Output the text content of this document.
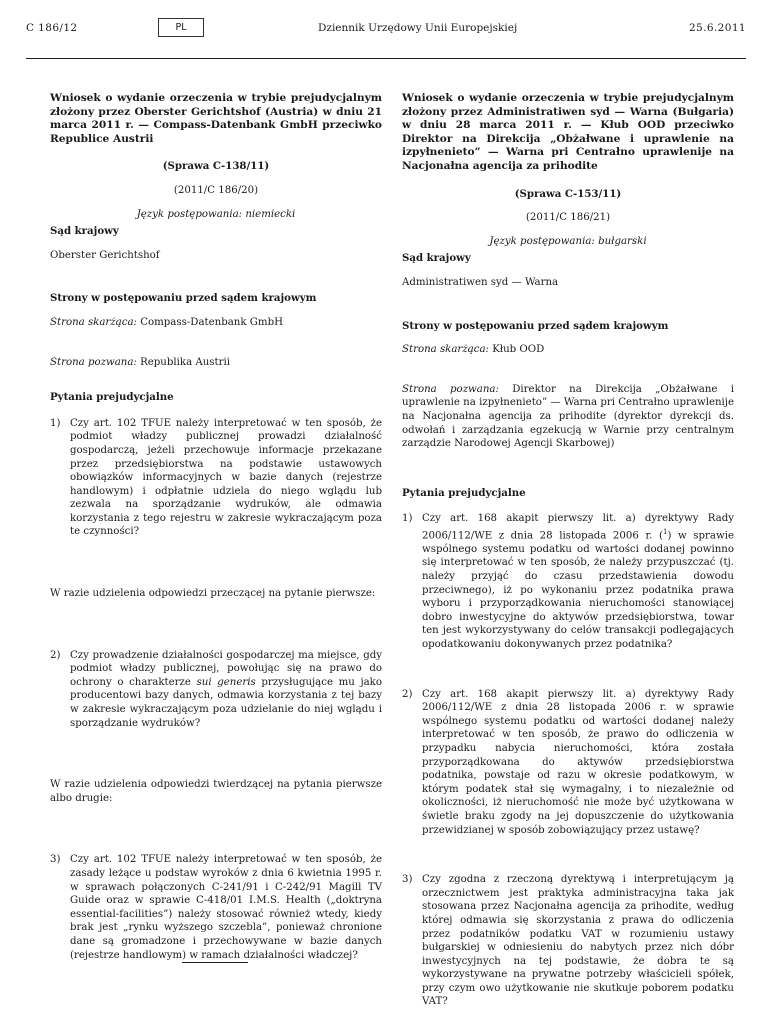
C 186/12	PL	Dziennik Urzędowy Unii Europejskiej	25.6.2011
Wniosek o wydanie orzeczenia w trybie prejudycjalnym złożony przez Oberster Gerichtshof (Austria) w dniu 21 marca 2011 r. — Compass-Datenbank GmbH przeciwko Republice Austrii
(Sprawa C-138/11)
(2011/C 186/20)
Język postępowania: niemiecki
Sąd krajowy
Oberster Gerichtshof
Strony w postępowaniu przed sądem krajowym
Strona skarżąca: Compass-Datenbank GmbH
Strona pozwana: Republika Austrii
Pytania prejudycjalne
1) Czy art. 102 TFUE należy interpretować w ten sposób, że podmiot władzy publicznej prowadzi działalność gospodarczą, jeżeli przechowuje informacje przekazane przez przedsiębiorstwa na podstawie ustawowych obowiązków informacyjnych w bazie danych (rejestrze handlowym) i odpłatnie udziela do niego wglądu lub zezwala na sporządzanie wydruków, ale odmawia korzystania z tego rejestru w zakresie wykraczającym poza te czynności?
W razie udzielenia odpowiedzi przeczącej na pytanie pierwsze:
2) Czy prowadzenie działalności gospodarczej ma miejsce, gdy podmiot władzy publicznej, powołując się na prawo do ochrony o charakterze sui generis przysługujące mu jako producentowi bazy danych, odmawia korzystania z tej bazy w zakresie wykraczającym poza udzielanie do niej wglądu i sporządzanie wydruków?
W razie udzielenia odpowiedzi twierdzącej na pytania pierwsze albo drugie:
3) Czy art. 102 TFUE należy interpretować w ten sposób, że zasady leżące u podstaw wyroków z dnia 6 kwietnia 1995 r. w sprawach połączonych C-241/91 i C-242/91 Magill TV Guide oraz w sprawie C-418/01 I.M.S. Health („doktryna essential-facilities”) należy stosować również wtedy, kiedy brak jest „rynku wyższego szczebla”, ponieważ chronione dane są gromadzone i przechowywane w bazie danych (rejestrze handlowym) w ramach działalności władczej?
Wniosek o wydanie orzeczenia w trybie prejudycjalnym złożony przez Administratiwen syd — Warna (Bułgaria) w dniu 28 marca 2011 r. — Kłub OOD przeciwko Direktor na Direkcija „Obżałwane i uprawlenie na izpyłnenieto” — Warna pri Centrałno uprawlenije na Nacjonałna agencija za prihodite
(Sprawa C-153/11)
(2011/C 186/21)
Język postępowania: bułgarski
Sąd krajowy
Administratiwen syd — Warna
Strony w postępowaniu przed sądem krajowym
Strona skarżąca: Kłub OOD
Strona pozwana: Direktor na Direkcija „Obżałwane i uprawlenie na izpyłnenieto” — Warna pri Centrałno uprawlenije na Nacjonałna agencija za prihodite (dyrektor dyrekcji ds. odwołań i zarządzania egzekucją w Warnie przy centralnym zarządzie Narodowej Agencji Skarbowej)
Pytania prejudycjalne
1) Czy art. 168 akapit pierwszy lit. a) dyrektywy Rady 2006/112/WE z dnia 28 listopada 2006 r. ($^1$) w sprawie wspólnego systemu podatku od wartości dodanej powinno się interpretować w ten sposób, że należy przypuszczać (tj. należy przyjąć do czasu przedstawienia dowodu przeciwnego), iż po wykonaniu przez podatnika prawa wyboru i przyporządkowania nieruchomości stanowiącej dobro inwestycyjne do aktywów przedsiębiorstwa, towar ten jest wykorzystywany do celów transakcji podlegających opodatkowaniu dokonywanych przez podatnika?
2) Czy art. 168 akapit pierwszy lit. a) dyrektywy Rady 2006/112/WE z dnia 28 listopada 2006 r. w sprawie wspólnego systemu podatku od wartości dodanej należy interpretować w ten sposób, że prawo do odliczenia w przypadku nabycia nieruchomości, która została przyporządkowana do aktywów przedsiębiorstwa podatnika, powstaje od razu w okresie podatkowym, w którym podatek stał się wymagalny, i to niezależnie od okoliczności, iż nieruchomość nie może być użytkowana w świetle braku zgody na jej dopuszczenie do użytkowania przewidzianej w sposób zobowiązujący przez ustawę?
3) Czy zgodna z rzeczoną dyrektywą i interpretującym ją orzecznictwem jest praktyka administracyjna taka jak stosowana przez Nacjonałna agencija za prihodite, według której odmawia się skorzystania z prawa do odliczenia przez podatników podatku VAT w rozumieniu ustawy bułgarskiej w odniesieniu do nabytych przez nich dóbr inwestycyjnych na tej podstawie, że dobra te są wykorzystywane na prywatne potrzeby właścicieli spółek, przy czym owo użytkowanie nie skutkuje poborem podatku VAT?
